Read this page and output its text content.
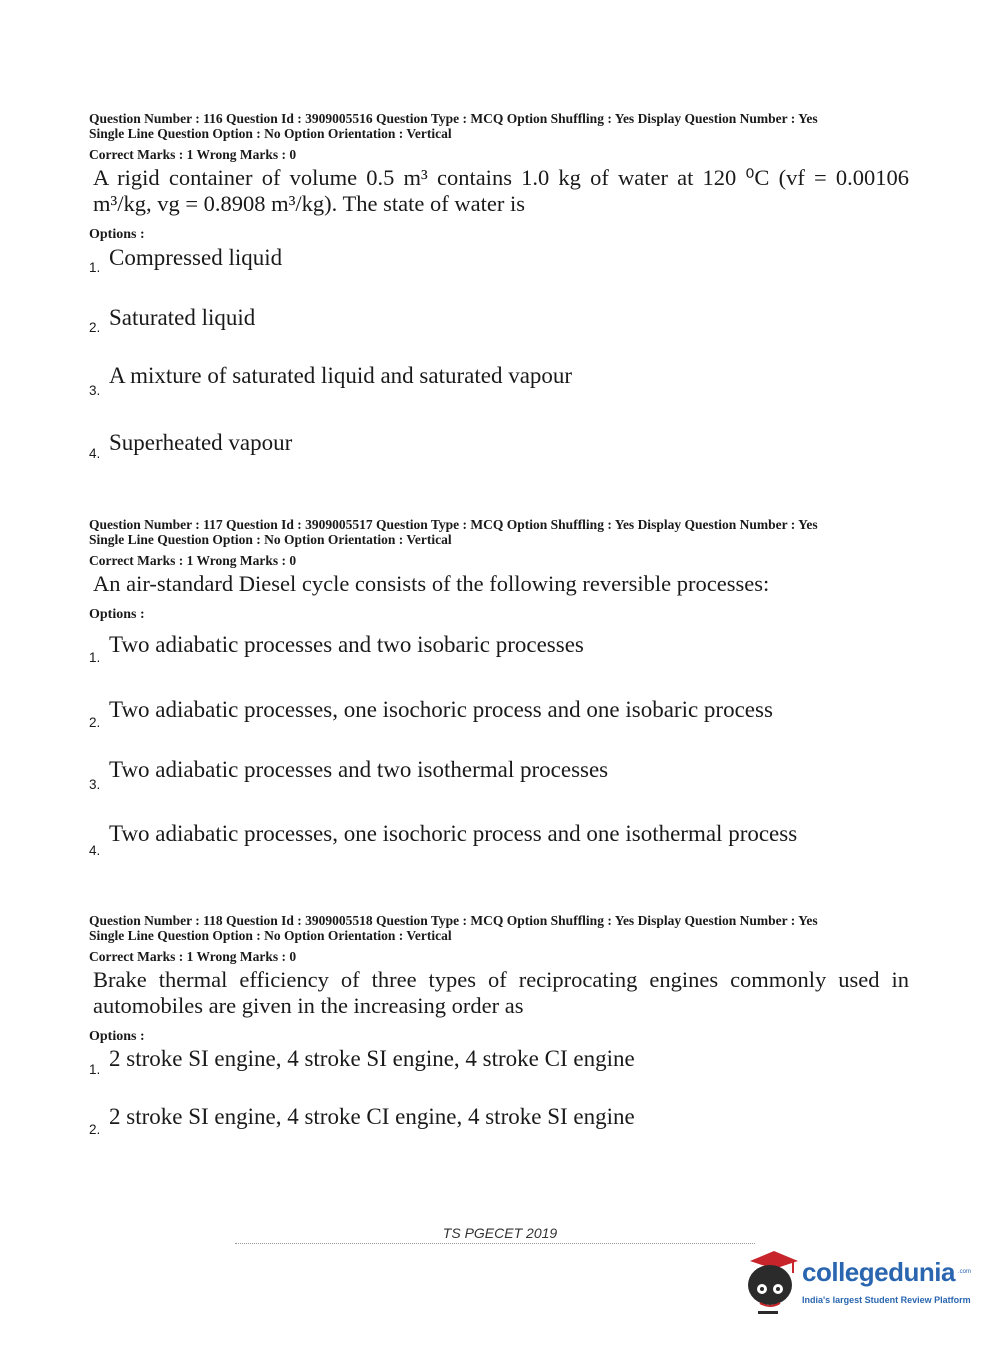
Question Number : 116 Question Id : 3909005516 Question Type : MCQ Option Shuffling : Yes Display Question Number : Yes
Single Line Question Option : No Option Orientation : Vertical
Correct Marks : 1 Wrong Marks : 0
A rigid container of volume 0.5 m³ contains 1.0 kg of water at 120 ⁰C (vf = 0.00106 m³/kg, vg = 0.8908 m³/kg). The state of water is
Options :
1. Compressed liquid
2. Saturated liquid
3.
A mixture of saturated liquid and saturated vapour
4. Superheated vapour
Question Number : 117 Question Id : 3909005517 Question Type : MCQ Option Shuffling : Yes Display Question Number : Yes
Single Line Question Option : No Option Orientation : Vertical
Correct Marks : 1 Wrong Marks : 0
An air-standard Diesel cycle consists of the following reversible processes:
Options :
1.
Two adiabatic processes and two isobaric processes
2.
Two adiabatic processes, one isochoric process and one isobaric process
3.
Two adiabatic processes and two isothermal processes
4.
Two adiabatic processes, one isochoric process and one isothermal process
Question Number : 118 Question Id : 3909005518 Question Type : MCQ Option Shuffling : Yes Display Question Number : Yes
Single Line Question Option : No Option Orientation : Vertical
Correct Marks : 1 Wrong Marks : 0
Brake thermal efficiency of three types of reciprocating engines commonly used in automobiles are given in the increasing order as
Options :
1. 2 stroke SI engine, 4 stroke SI engine, 4 stroke CI engine
2.
2 stroke SI engine, 4 stroke CI engine, 4 stroke SI engine
TS PGECET 2019
collegedunia .com
India's largest Student Review Platform
